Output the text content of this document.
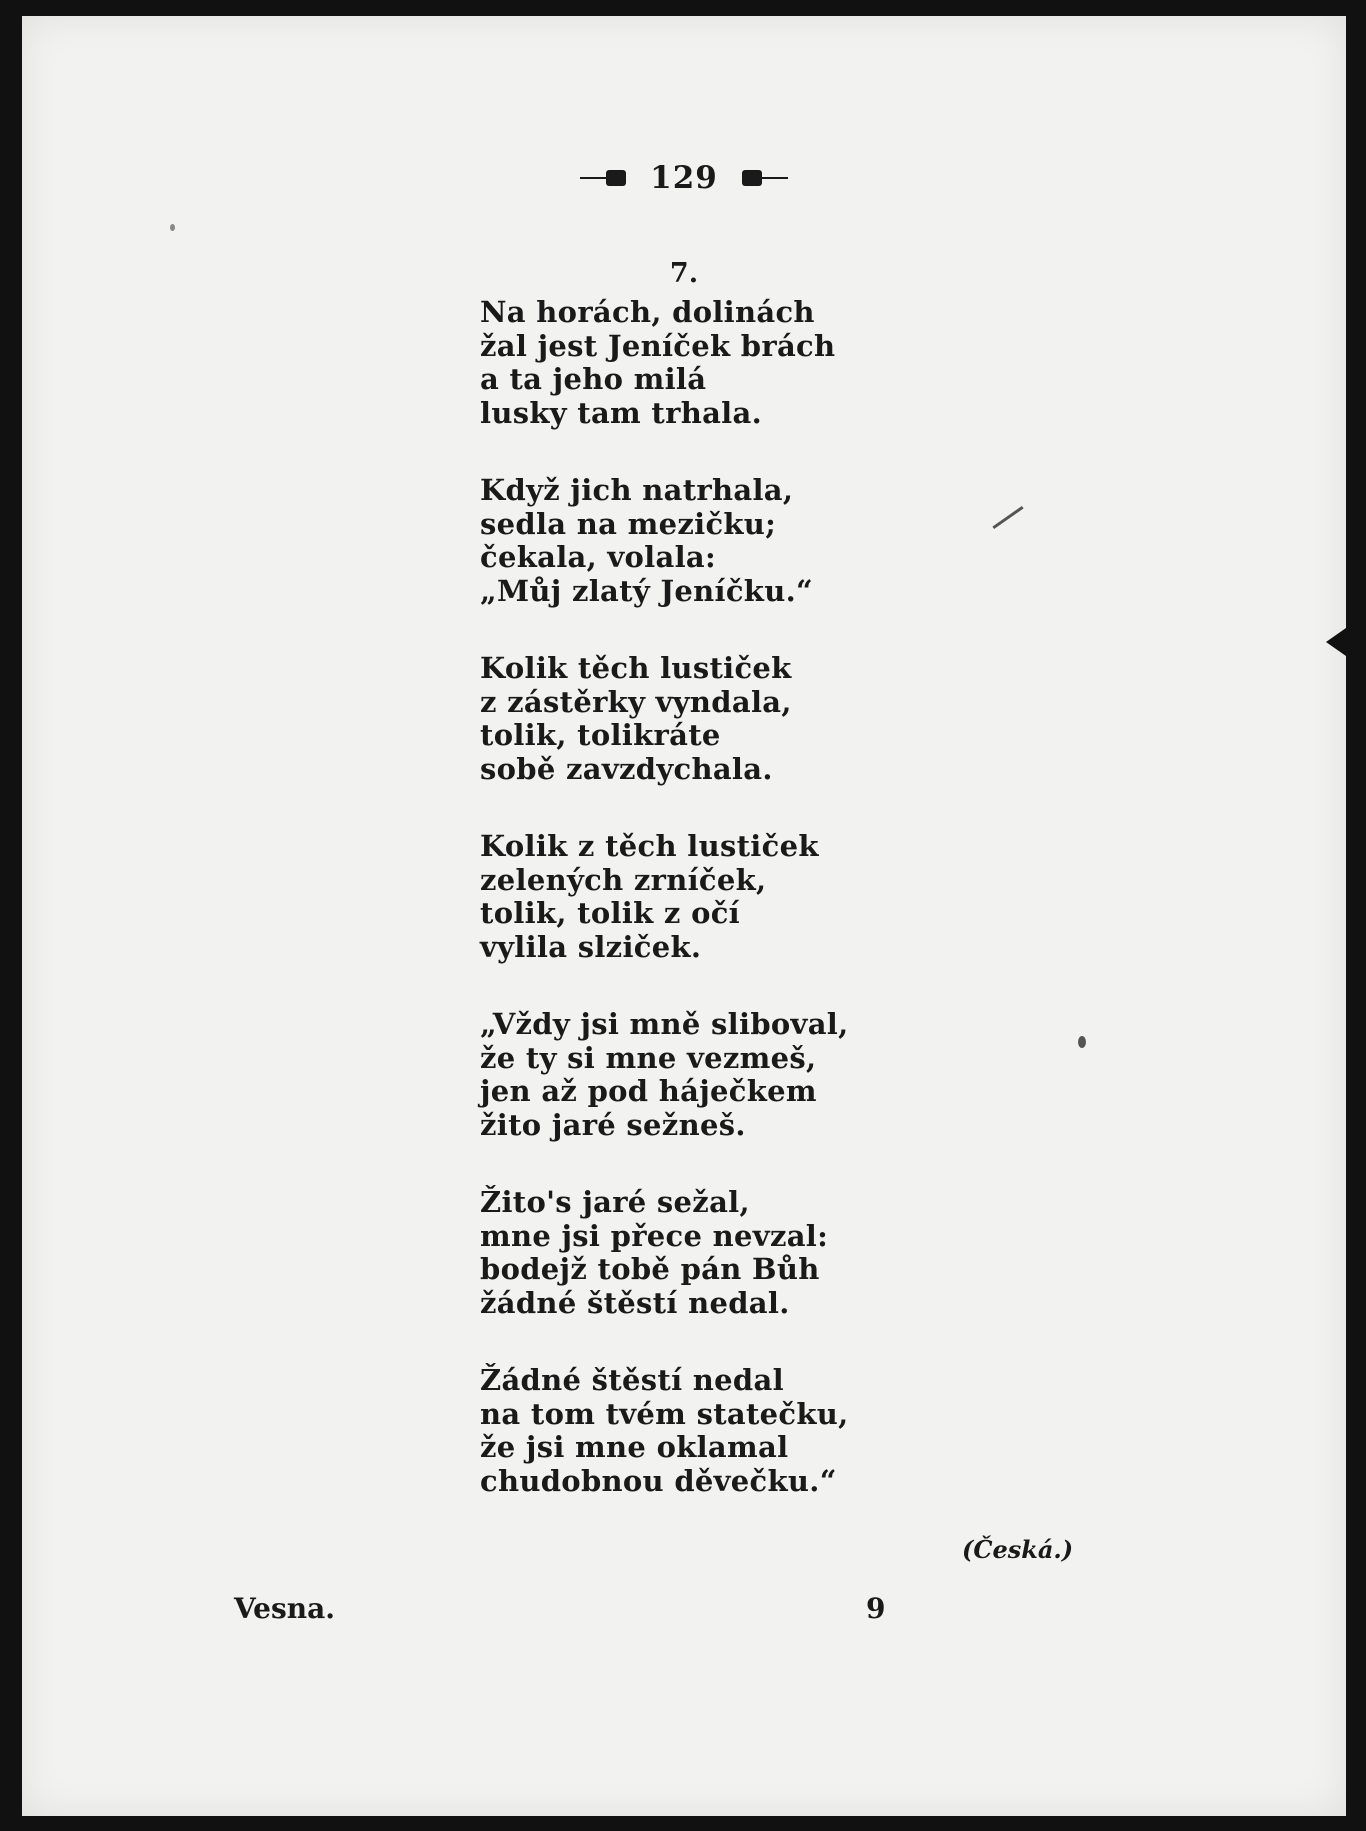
129
7.
Na horách, dolinách
žal jest Jeníček brách
a ta jeho milá
lusky tam trhala.
Když jich natrhala,
sedla na mezičku;
čekala, volala:
„Můj zlatý Jeníčku.“
Kolik těch lustiček
z zástěrky vyndala,
tolik, tolikráte
sobě zavzdychala.
Kolik z těch lustiček
zelených zrníček,
tolik, tolik z očí
vylila slziček.
„Vždy jsi mně sliboval,
že ty si mne vezmeš,
jen až pod háječkem
žito jaré sežneš.
Žito's jaré sežal,
mne jsi přece nevzal:
bodejž tobě pán Bůh
žádné štěstí nedal.
Žádné štěstí nedal
na tom tvém statečku,
že jsi mne oklamal
chudobnou děvečku.“
(Česká.)
Vesna.	9
